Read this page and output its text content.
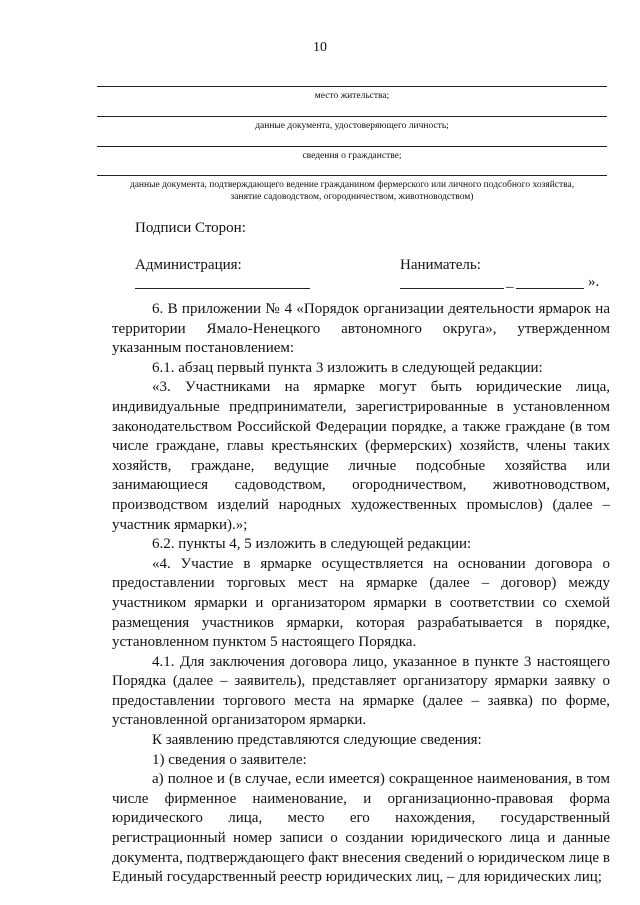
10
место жительства;
данные документа, удостоверяющего личность;
сведения о гражданстве;
данные документа, подтверждающего ведение гражданином фермерского или личного подсобного хозяйства,
занятие садоводством, огородничеством, животноводством)
Подписи Сторон:
Администрация:	Наниматель:
_	».

6. В приложении № 4 «Порядок организации деятельности ярмарок на территории Ямало-Ненецкого автономного округа», утвержденном указанным постановлением:

6.1. абзац первый пункта 3 изложить в следующей редакции:

«3. Участниками на ярмарке могут быть юридические лица, индивидуальные предприниматели, зарегистрированные в установленном законодательством Российской Федерации порядке, а также граждане (в том числе граждане, главы крестьянских (фермерских) хозяйств, члены таких хозяйств, граждане, ведущие личные подсобные хозяйства или занимающиеся садоводством, огородничеством, животноводством, производством изделий народных художественных промыслов) (далее – участник ярмарки).»;

6.2. пункты 4, 5 изложить в следующей редакции:

«4. Участие в ярмарке осуществляется на основании договора о предоставлении торговых мест на ярмарке (далее – договор) между участником ярмарки и организатором ярмарки в соответствии со схемой размещения участников ярмарки, которая разрабатывается в порядке, установленном пунктом 5 настоящего Порядка.

4.1. Для заключения договора лицо, указанное в пункте 3 настоящего Порядка (далее – заявитель), представляет организатору ярмарки заявку о предоставлении торгового места на ярмарке (далее – заявка) по форме, установленной организатором ярмарки.

К заявлению представляются следующие сведения:

1) сведения о заявителе:

а) полное и (в случае, если имеется) сокращенное наименования, в том числе фирменное наименование, и организационно-правовая форма юридического лица, место его нахождения, государственный регистрационный номер записи о создании юридического лица и данные документа, подтверждающего факт внесения сведений о юридическом лице в Единый государственный реестр юридических лиц, – для юридических лиц;
